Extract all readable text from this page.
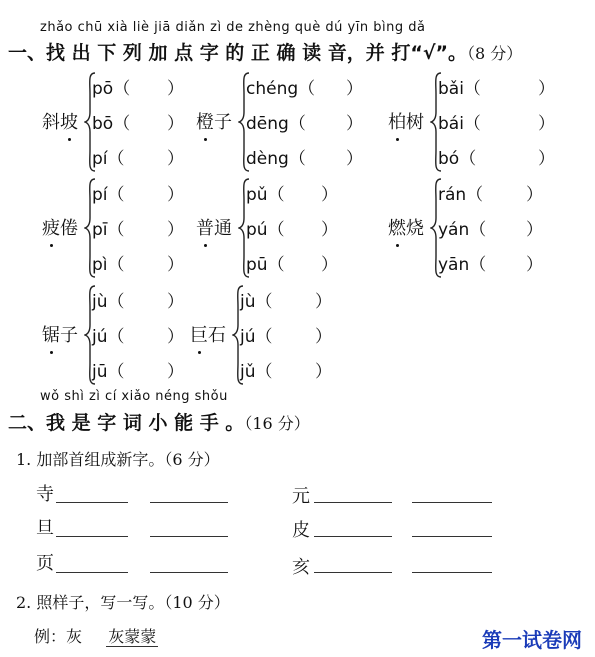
zhǎo chū xià liè jiā diǎn zì de zhèng què dú yīn bìng dǎ
一、找 出 下 列 加 点 字 的 正 确 读 音，并 打“√”。（8 分）
斜坡
pō（ ）
bō（ ）
pí（ ）
橙子
chéng（ ）
dēng（ ）
dèng（ ）
柏树
bǎi（	）
bái（	）
bó（	）
疲倦
pí（ ）
pī（ ）
pì（ ）
普通
pǔ（ ）
pú（ ）
pū（ ）
燃烧
rán（	）
yán（ ）
yān（ ）
锯子
jù（	）
jú（	）
jū（	）
巨石
jù（	）
jú（	）
jǔ（	）
wǒ shì zì cí xiǎo néng shǒu
二、我 是 字 词 小 能 手 。（16 分）
1. 加部首组成新字。（6 分）
寺	元
旦	皮
页	亥
2. 照样子，写一写。（10 分）
例：灰 灰蒙蒙	第一试卷网
